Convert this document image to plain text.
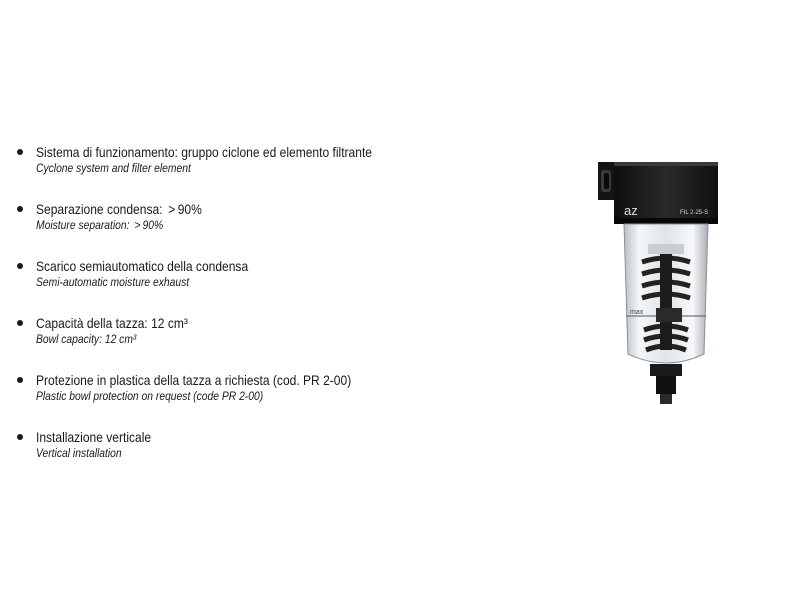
Sistema di funzionamento: gruppo ciclone ed elemento filtrante
Cyclone system and filter element
Separazione condensa:  > 90%
Moisture separation:  > 90%
Scarico semiautomatico della condensa
Semi-automatic moisture exhaust
Capacità della tazza: 12 cm³
Bowl capacity: 12 cm³
Protezione in plastica della tazza a richiesta (cod. PR 2-00)
Plastic bowl protection on request (code PR 2-00)
Installazione verticale
Vertical installation
az	FIL 2-25-S
max
